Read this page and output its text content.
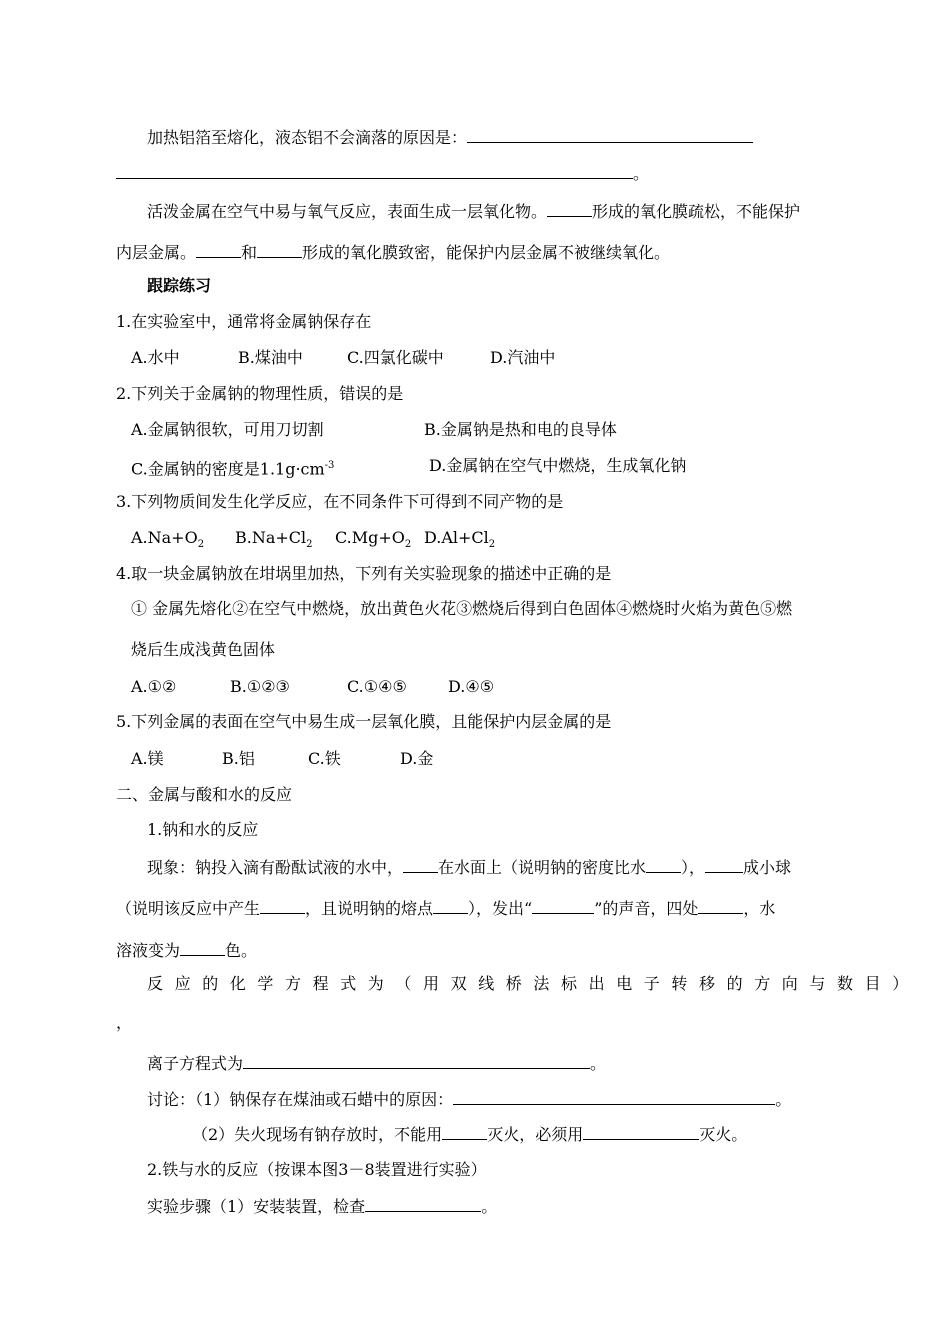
加热铝箔至熔化，液态铝不会滴落的原因是：
。
活泼金属在空气中易与氧气反应，表面生成一层氧化物。	形成的氧化膜疏松，不能保护
内层金属。	和	形成的氧化膜致密，能保护内层金属不被继续氧化。
跟踪练习
1.在实验室中，通常将金属钠保存在
A.水中	B.煤油中	C.四氯化碳中	D.汽油中
2.下列关于金属钠的物理性质，错误的是
A.金属钠很软，可用刀切割	B.金属钠是热和电的良导体
C.金属钠的密度是$1.1g\cdot cm^{-3}$	D.金属钠在空气中燃烧，生成氧化钠
3.下列物质间发生化学反应，在不同条件下可得到不同产物的是
$A.Na+O_2$ $B.Na+Cl_2$ $C.Mg+O_2$ $D.Al+Cl_2$
4.取一块金属钠放在坩埚里加热，下列有关实验现象的描述中正确的是
① 金属先熔化②在空气中燃烧，放出黄色火花③燃烧后得到白色固体④燃烧时火焰为黄色⑤燃
烧后生成浅黄色固体
A.①②	B.①②③	C.①④⑤	D.④⑤
5.下列金属的表面在空气中易生成一层氧化膜，且能保护内层金属的是
A.镁	B.铝	C.铁	D.金
二、金属与酸和水的反应
1.钠和水的反应
现象：钠投入滴有酚酞试液的水中， 在水面上（说明钠的密度比水 ）， 成小球
（说明该反应中产生	，且说明钠的熔点 ），发出“	”的声音，四处	，水
溶液变为	色。
反应的化学方程式为（用双线桥法标出电子转移的方向与数目）
，
离子方程式为	。
讨论：（1）钠保存在煤油或石蜡中的原因：	。
（2）失火现场有钠存放时，不能用	灭火，必须用	灭火。
2.铁与水的反应（按课本图3－8装置进行实验）
实验步骤（1）安装装置，检查	。
